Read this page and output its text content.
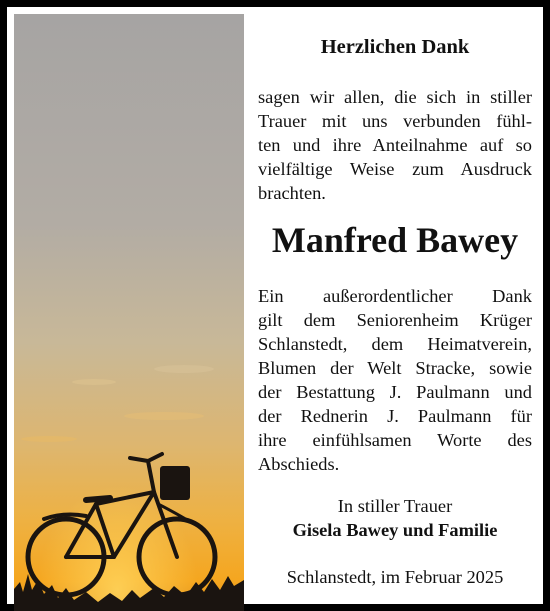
Herzlichen Dank

sagen wir allen, die sich in stiller
Trauer mit uns verbunden fühl-
ten und ihre Anteilnahme auf so
vielfältige Weise zum Ausdruck
brachten.

Manfred Bawey

Ein außerordentlicher Dank
gilt dem Seniorenheim Krüger
Schlanstedt, dem Heimatverein,
Blumen der Welt Stracke, sowie
der Bestattung J. Paulmann und
der Rednerin J. Paulmann für
ihre einfühlsamen Worte des
Abschieds.

In stiller Trauer

Gisela Bawey und Familie

Schlanstedt, im Februar 2025
